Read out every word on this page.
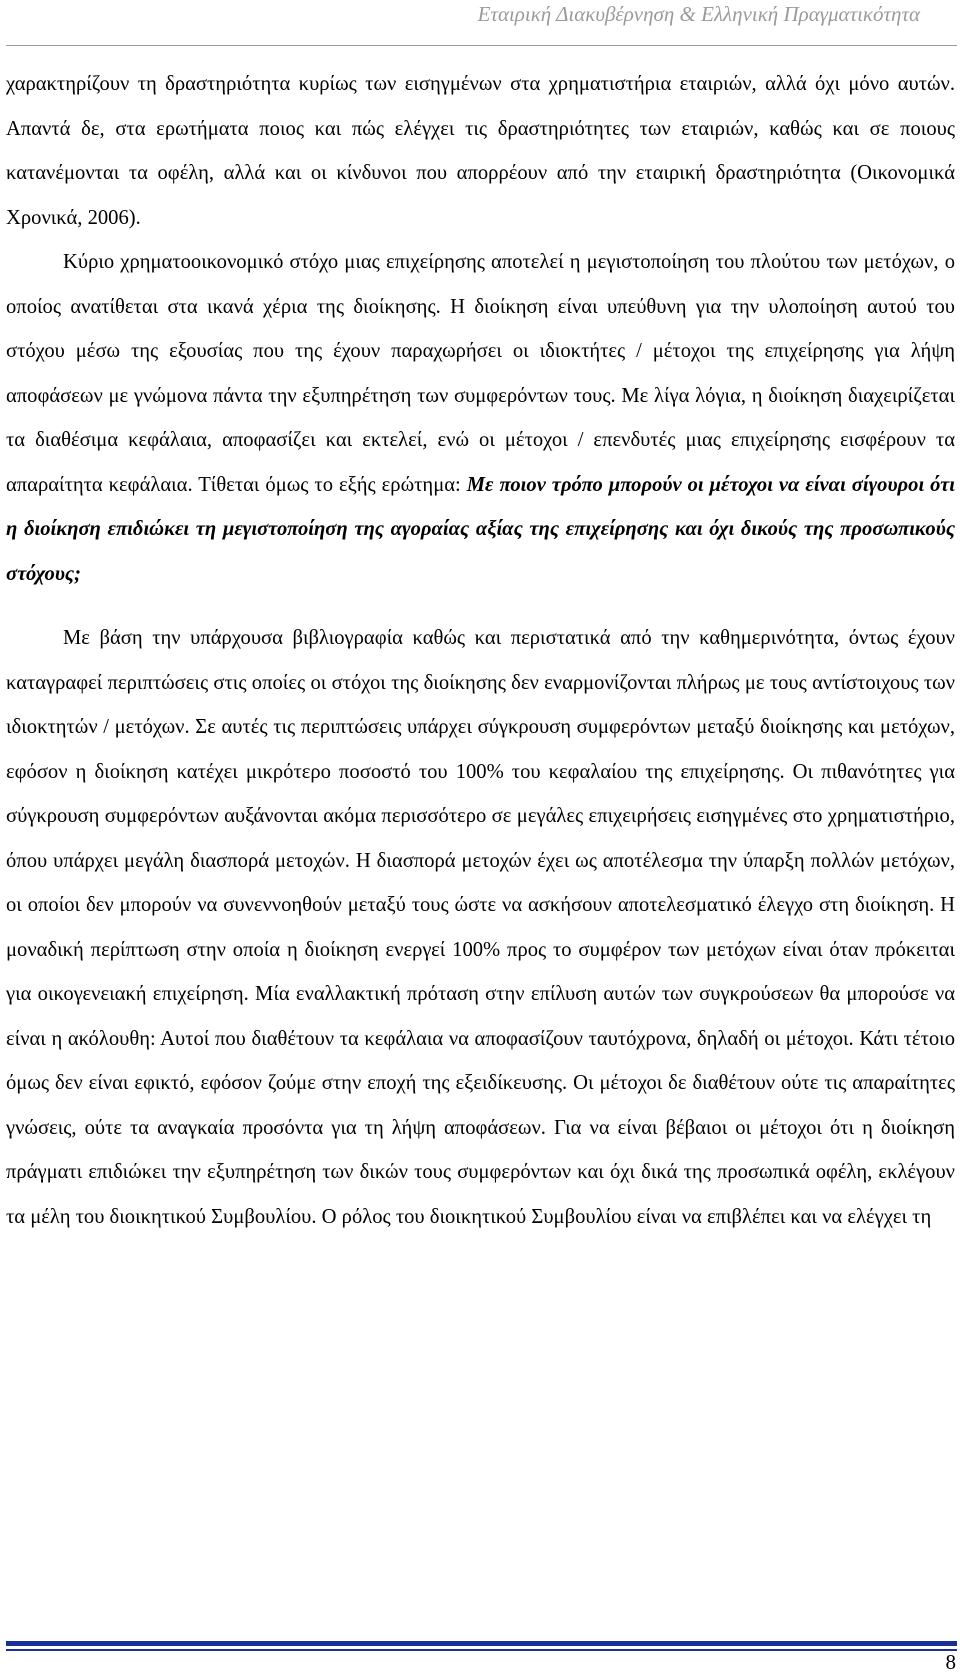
Εταιρική Διακυβέρνηση & Ελληνική Πραγματικότητα

χαρακτηρίζουν τη δραστηριότητα κυρίως των εισηγμένων στα χρηματιστήρια εταιριών, αλλά όχι μόνο αυτών. Απαντά δε, στα ερωτήματα ποιος και πώς ελέγχει τις δραστηριότητες των εταιριών, καθώς και σε ποιους κατανέμονται τα οφέλη, αλλά και οι κίνδυνοι που απορρέουν από την εταιρική δραστηριότητα (Οικονομικά Χρονικά, 2006).

Κύριο χρηματοοικονομικό στόχο μιας επιχείρησης αποτελεί η μεγιστοποίηση του πλούτου των μετόχων, ο οποίος ανατίθεται στα ικανά χέρια της διοίκησης. Η διοίκηση είναι υπεύθυνη για την υλοποίηση αυτού του στόχου μέσω της εξουσίας που της έχουν παραχωρήσει οι ιδιοκτήτες / μέτοχοι της επιχείρησης για λήψη αποφάσεων με γνώμονα πάντα την εξυπηρέτηση των συμφερόντων τους. Με λίγα λόγια, η διοίκηση διαχειρίζεται τα διαθέσιμα κεφάλαια, αποφασίζει και εκτελεί, ενώ οι μέτοχοι / επενδυτές μιας επιχείρησης εισφέρουν τα απαραίτητα κεφάλαια. Τίθεται όμως το εξής ερώτημα: Με ποιον τρόπο μπορούν οι μέτοχοι να είναι σίγουροι ότι η διοίκηση επιδιώκει τη μεγιστοποίηση της αγοραίας αξίας της επιχείρησης και όχι δικούς της προσωπικούς στόχους;

Με βάση την υπάρχουσα βιβλιογραφία καθώς και περιστατικά από την καθημερινότητα, όντως έχουν καταγραφεί περιπτώσεις στις οποίες οι στόχοι της διοίκησης δεν εναρμονίζονται πλήρως με τους αντίστοιχους των ιδιοκτητών / μετόχων. Σε αυτές τις περιπτώσεις υπάρχει σύγκρουση συμφερόντων μεταξύ διοίκησης και μετόχων, εφόσον η διοίκηση κατέχει μικρότερο ποσοστό του 100% του κεφαλαίου της επιχείρησης. Οι πιθανότητες για σύγκρουση συμφερόντων αυξάνονται ακόμα περισσότερο σε μεγάλες επιχειρήσεις εισηγμένες στο χρηματιστήριο, όπου υπάρχει μεγάλη διασπορά μετοχών. Η διασπορά μετοχών έχει ως αποτέλεσμα την ύπαρξη πολλών μετόχων, οι οποίοι δεν μπορούν να συνεννοηθούν μεταξύ τους ώστε να ασκήσουν αποτελεσματικό έλεγχο στη διοίκηση. Η μοναδική περίπτωση στην οποία η διοίκηση ενεργεί 100% προς το συμφέρον των μετόχων είναι όταν πρόκειται για οικογενειακή επιχείρηση. Μία εναλλακτική πρόταση στην επίλυση αυτών των συγκρούσεων θα μπορούσε να είναι η ακόλουθη: Αυτοί που διαθέτουν τα κεφάλαια να αποφασίζουν ταυτόχρονα, δηλαδή οι μέτοχοι. Κάτι τέτοιο όμως δεν είναι εφικτό, εφόσον ζούμε στην εποχή της εξειδίκευσης. Οι μέτοχοι δε διαθέτουν ούτε τις απαραίτητες γνώσεις, ούτε τα αναγκαία προσόντα για τη λήψη αποφάσεων. Για να είναι βέβαιοι οι μέτοχοι ότι η διοίκηση πράγματι επιδιώκει την εξυπηρέτηση των δικών τους συμφερόντων και όχι δικά της προσωπικά οφέλη, εκλέγουν τα μέλη του διοικητικού Συμβουλίου. Ο ρόλος του διοικητικού Συμβουλίου είναι να επιβλέπει και να ελέγχει τη

8
